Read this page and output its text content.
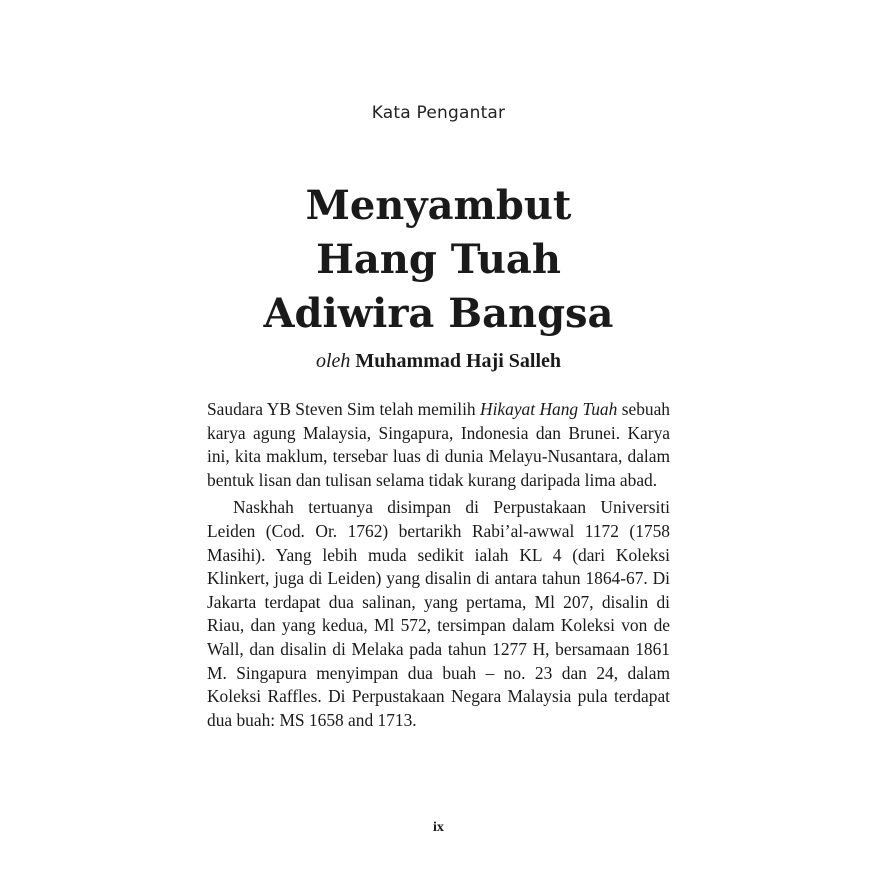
Kata Pengantar
Menyambut
Hang Tuah
Adiwira Bangsa
oleh Muhammad Haji Salleh

Saudara YB Steven Sim telah memilih Hikayat Hang Tuah sebuah karya agung Malaysia, Singapura, Indonesia dan Brunei. Karya ini, kita maklum, tersebar luas di dunia Melayu-Nusantara, dalam bentuk lisan dan tulisan selama tidak kurang daripada lima abad.

Naskhah tertuanya disimpan di Perpustakaan Universiti Leiden (Cod. Or. 1762) bertarikh Rabi’al-awwal 1172 (1758 Masihi). Yang lebih muda sedikit ialah KL 4 (dari Koleksi Klinkert, juga di Leiden) yang disalin di antara tahun 1864-67. Di Jakarta terdapat dua salinan, yang pertama, Ml 207, disalin di Riau, dan yang kedua, Ml 572, tersimpan dalam Koleksi von de Wall, dan disalin di Melaka pada tahun 1277 H, bersamaan 1861 M. Singapura menyimpan dua buah – no. 23 dan 24, dalam Koleksi Raffles. Di Perpustakaan Negara Malaysia pula terdapat dua buah: MS 1658 and 1713.

ix
